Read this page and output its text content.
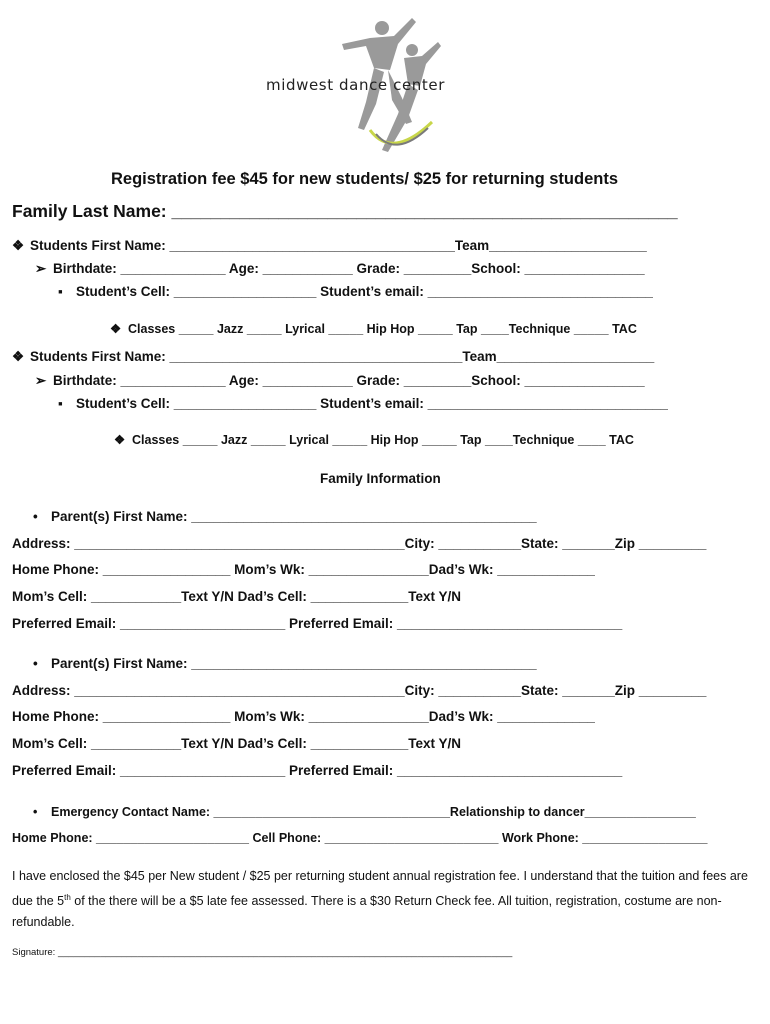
midwest dance center
Registration fee $45 for new students/ $25 for returning students
Family Last Name: ____________________________________________________
❖ Students First Name: ______________________________________Team_____________________
➢ Birthdate: ______________ Age: ____________ Grade: _________School: ________________
▪ Student’s Cell: ___________________ Student’s email: ______________________________
❖ Classes _____ Jazz _____ Lyrical _____ Hip Hop _____ Tap ____Technique _____ TAC
❖ Students First Name: _______________________________________Team_____________________
➢ Birthdate: ______________ Age: ____________ Grade: _________School: ________________
▪ Student’s Cell: ___________________ Student’s email: ________________________________
❖ Classes _____ Jazz _____ Lyrical _____ Hip Hop _____ Tap ____Technique ____ TAC
Family Information
• Parent(s) First Name: ______________________________________________
Address: ____________________________________________City: ___________State: _______Zip _________
Home Phone: _________________ Mom’s Wk: ________________Dad’s Wk: _____________
Mom’s Cell: ____________Text Y/N Dad’s Cell: _____________Text Y/N
Preferred Email: ______________________ Preferred Email: ______________________________
• Parent(s) First Name: ______________________________________________
Address: ____________________________________________City: ___________State: _______Zip _________
Home Phone: _________________ Mom’s Wk: ________________Dad’s Wk: _____________
Mom’s Cell: ____________Text Y/N Dad’s Cell: _____________Text Y/N
Preferred Email: ______________________ Preferred Email: ______________________________
• Emergency Contact Name: __________________________________Relationship to dancer________________
Home Phone: ______________________ Cell Phone: _________________________ Work Phone: __________________
I have enclosed the $45 per New student / $25 per returning student annual registration fee. I understand that the tuition and fees are due the 5th of the there will be a $5 late fee assessed. There is a $30 Return Check fee. All tuition, registration, costume are non-refundable.
Signature: ______________________________________________________________________________________
